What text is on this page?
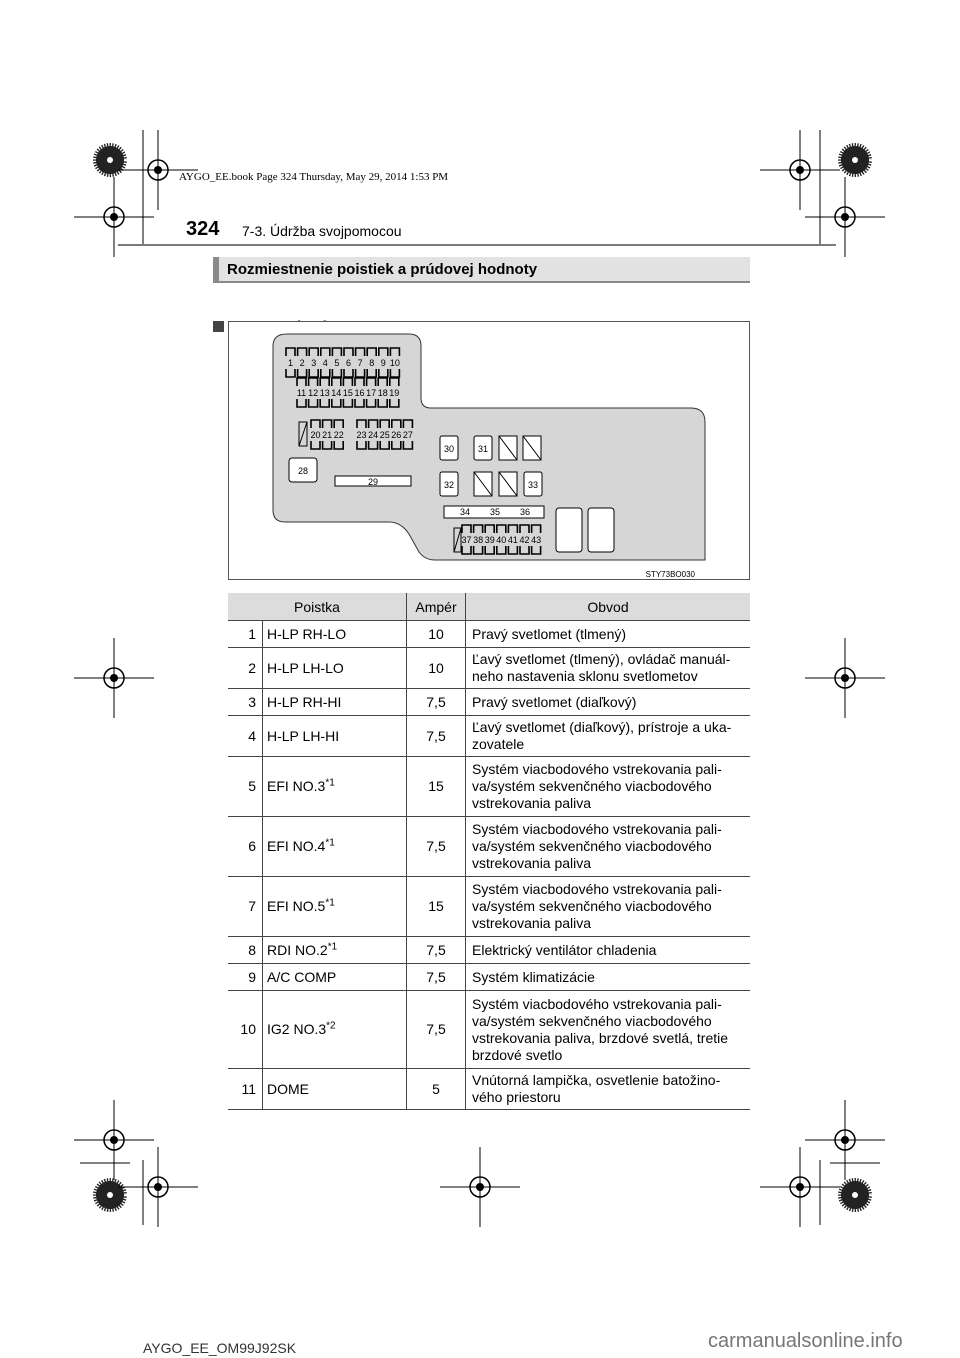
AYGO_EE.book Page 324 Thursday, May 29, 2014 1:53 PM
324 7-3. Údržba svojpomocou
Rozmiestnenie poistiek a prúdovej hodnoty
1 2 3 4 5 6 7 8 9 10
11 12 13 14 15 16 17 18 19
20 21 22 23 24 25 26 27
37 38 39 40 41 42 43
28
29
30	31
32	33
34 35 36
STY73BO030
Poistka		Ampér	Obvod
1	H-LP RH-LO	10	Pravý svetlomet (tlmený)
2	H-LP LH-LO	10	Ľavý svetlomet (tlmený), ovládač manuál-neho nastavenia sklonu svetlometov
3	H-LP RH-HI	7,5	Pravý svetlomet (diaľkový)
4	H-LP LH-HI	7,5	Ľavý svetlomet (diaľkový), prístroje a uka-zovatele
5	EFI NO.3$^{*1}$	15	Systém viacbodového vstrekovania pali-va/systém sekvenčného viacbodového vstrekovania paliva
6	EFI NO.4$^{*1}$	7,5	Systém viacbodového vstrekovania pali-va/systém sekvenčného viacbodového vstrekovania paliva
7	EFI NO.5$^{*1}$	15	Systém viacbodového vstrekovania pali-va/systém sekvenčného viacbodového vstrekovania paliva
8	RDI NO.2$^{*1}$	7,5	Elektrický ventilátor chladenia
9	A/C COMP	7,5	Systém klimatizácie
10	IG2 NO.3$^{*2}$	7,5	Systém viacbodového vstrekovania pali-va/systém sekvenčného viacbodového vstrekovania paliva, brzdové svetlá, tretie brzdové svetlo
11	DOME	5	Vnútorná lampička, osvetlenie batožino-vého priestoru
AYGO_EE_OM99J92SK	carmanualsonline.info
